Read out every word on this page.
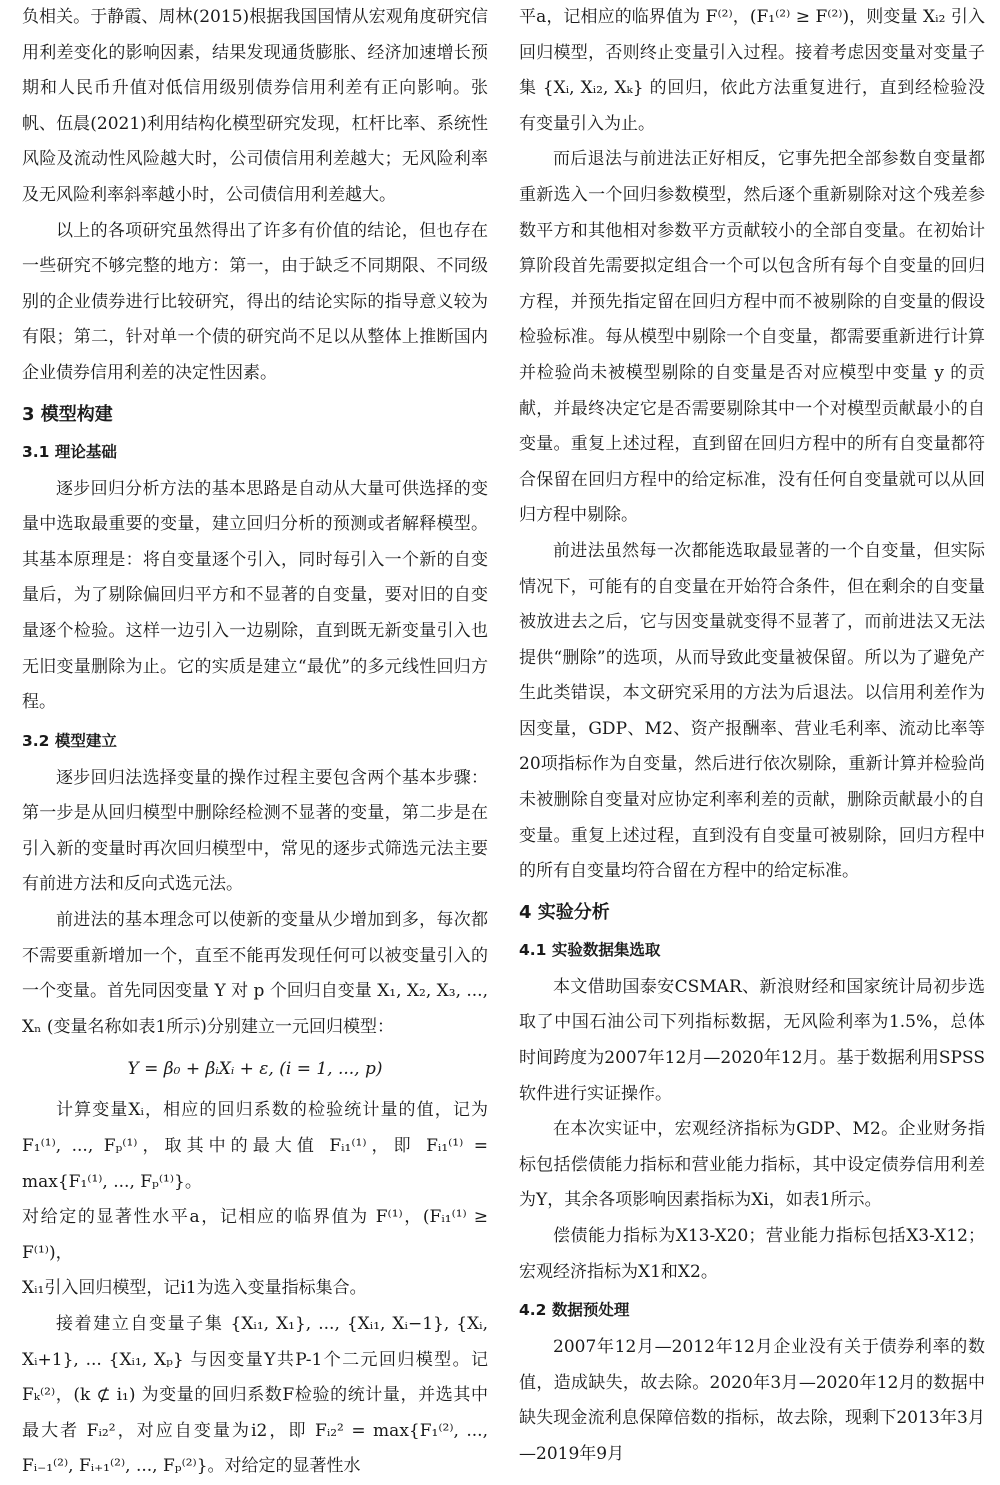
负相关。于静霞、周林(2015)根据我国国情从宏观角度研究信用利差变化的影响因素，结果发现通货膨胀、经济加速增长预期和人民币升值对低信用级别债券信用利差有正向影响。张帆、伍晨(2021)利用结构化模型研究发现，杠杆比率、系统性风险及流动性风险越大时，公司债信用利差越大；无风险利率及无风险利率斜率越小时，公司债信用利差越大。

以上的各项研究虽然得出了许多有价值的结论，但也存在一些研究不够完整的地方：第一，由于缺乏不同期限、不同级别的企业债券进行比较研究，得出的结论实际的指导意义较为有限；第二，针对单一个债的研究尚不足以从整体上推断国内企业债券信用利差的决定性因素。

3 模型构建
3.1 理论基础

逐步回归分析方法的基本思路是自动从大量可供选择的变量中选取最重要的变量，建立回归分析的预测或者解释模型。其基本原理是：将自变量逐个引入，同时每引入一个新的自变量后，为了剔除偏回归平方和不显著的自变量，要对旧的自变量逐个检验。这样一边引入一边剔除，直到既无新变量引入也无旧变量删除为止。它的实质是建立“最优”的多元线性回归方程。

3.2 模型建立

逐步回归法选择变量的操作过程主要包含两个基本步骤：第一步是从回归模型中删除经检测不显著的变量，第二步是在引入新的变量时再次回归模型中，常见的逐步式筛选元法主要有前进方法和反向式选元法。

前进法的基本理念可以使新的变量从少增加到多，每次都不需要重新增加一个，直至不能再发现任何可以被变量引入的一个变量。首先同因变量 Y 对 p 个回归自变量 X₁, X₂, X₃, ..., Xₙ (变量名称如表1所示)分别建立一元回归模型：

Y = β₀ + βᵢXᵢ + ε, (i = 1, ..., p)

计算变量Xᵢ，相应的回归系数的检验统计量的值，记为 F₁⁽¹⁾, ..., Fₚ⁽¹⁾，取其中的最大值 Fᵢ₁⁽¹⁾，即 Fᵢ₁⁽¹⁾ = max{F₁⁽¹⁾, ..., Fₚ⁽¹⁾}。

对给定的显著性水平a，记相应的临界值为 F⁽¹⁾，(Fᵢ₁⁽¹⁾ ≥ F⁽¹⁾)，

Xᵢ₁引入回归模型，记i1为选入变量指标集合。

接着建立自变量子集 {Xᵢ₁, X₁}, ..., {Xᵢ₁, Xᵢ−1}, {Xᵢ, Xᵢ+1}, ... {Xᵢ₁, Xₚ} 与因变量Y共P-1个二元回归模型。记 Fₖ⁽²⁾，(k ⊄ i₁) 为变量的回归系数F检验的统计量，并选其中最大者 Fᵢ₂²，对应自变量为i2，即 Fᵢ₂² = max{F₁⁽²⁾, ..., Fᵢ₋₁⁽²⁾, Fᵢ₊₁⁽²⁾, ..., Fₚ⁽²⁾}。对给定的显著性水

平a，记相应的临界值为 F⁽²⁾，(F₁⁽²⁾ ≥ F⁽²⁾)，则变量 Xᵢ₂ 引入回归模型，否则终止变量引入过程。接着考虑因变量对变量子集 {Xᵢ, Xᵢ₂, Xₖ} 的回归，依此方法重复进行，直到经检验没有变量引入为止。

而后退法与前进法正好相反，它事先把全部参数自变量都重新选入一个回归参数模型，然后逐个重新剔除对这个残差参数平方和其他相对参数平方贡献较小的全部自变量。在初始计算阶段首先需要拟定组合一个可以包含所有每个自变量的回归方程，并预先指定留在回归方程中而不被剔除的自变量的假设检验标准。每从模型中剔除一个自变量，都需要重新进行计算并检验尚未被模型剔除的自变量是否对应模型中变量 y 的贡献，并最终决定它是否需要剔除其中一个对模型贡献最小的自变量。重复上述过程，直到留在回归方程中的所有自变量都符合保留在回归方程中的给定标准，没有任何自变量就可以从回归方程中剔除。

前进法虽然每一次都能选取最显著的一个自变量，但实际情况下，可能有的自变量在开始符合条件，但在剩余的自变量被放进去之后，它与因变量就变得不显著了，而前进法又无法提供“删除”的选项，从而导致此变量被保留。所以为了避免产生此类错误，本文研究采用的方法为后退法。以信用利差作为因变量，GDP、M2、资产报酬率、营业毛利率、流动比率等20项指标作为自变量，然后进行依次剔除，重新计算并检验尚未被删除自变量对应协定利率利差的贡献，删除贡献最小的自变量。重复上述过程，直到没有自变量可被剔除，回归方程中的所有自变量均符合留在方程中的给定标准。

4 实验分析
4.1 实验数据集选取

本文借助国泰安CSMAR、新浪财经和国家统计局初步选取了中国石油公司下列指标数据，无风险利率为1.5%，总体时间跨度为2007年12月—2020年12月。基于数据利用SPSS软件进行实证操作。

在本次实证中，宏观经济指标为GDP、M2。企业财务指标包括偿债能力指标和营业能力指标，其中设定债券信用利差为Y，其余各项影响因素指标为Xi，如表1所示。

偿债能力指标为X13-X20；营业能力指标包括X3-X12；宏观经济指标为X1和X2。

4.2 数据预处理

2007年12月—2012年12月企业没有关于债券利率的数值，造成缺失，故去除。2020年3月—2020年12月的数据中缺失现金流利息保障倍数的指标，故去除，现剩下2013年3月—2019年9月
